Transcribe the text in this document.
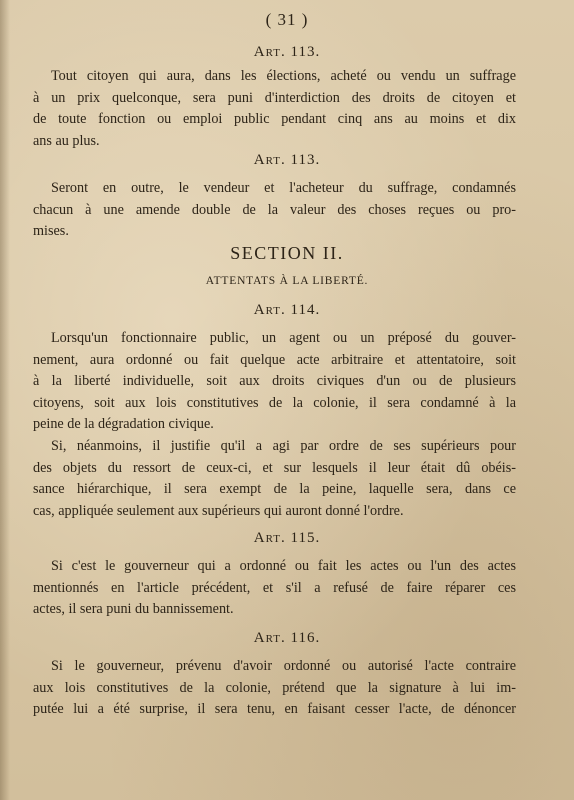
( 31 )
Art. 113.
Tout citoyen qui aura, dans les élections, acheté ou vendu un suffrage
à un prix quelconque, sera puni d'interdiction des droits de citoyen et
de toute fonction ou emploi public pendant cinq ans au moins et dix
ans au plus.
Art. 113.
Seront en outre, le vendeur et l'acheteur du suffrage, condamnés
chacun à une amende double de la valeur des choses reçues ou pro-
mises.
SECTION II.
ATTENTATS À LA LIBERTÉ.
Art. 114.
Lorsqu'un fonctionnaire public, un agent ou un préposé du gouver-
nement, aura ordonné ou fait quelque acte arbitraire et attentatoire, soit
à la liberté individuelle, soit aux droits civiques d'un ou de plusieurs
citoyens, soit aux lois constitutives de la colonie, il sera condamné à la
peine de la dégradation civique.
Si, néanmoins, il justifie qu'il a agi par ordre de ses supérieurs pour
des objets du ressort de ceux-ci, et sur lesquels il leur était dû obéis-
sance hiérarchique, il sera exempt de la peine, laquelle sera, dans ce
cas, appliquée seulement aux supérieurs qui auront donné l'ordre.
Art. 115.
Si c'est le gouverneur qui a ordonné ou fait les actes ou l'un des actes
mentionnés en l'article précédent, et s'il a refusé de faire réparer ces
actes, il sera puni du bannissement.
Art. 116.
Si le gouverneur, prévenu d'avoir ordonné ou autorisé l'acte contraire
aux lois constitutives de la colonie, prétend que la signature à lui im-
putée lui a été surprise, il sera tenu, en faisant cesser l'acte, de dénoncer
